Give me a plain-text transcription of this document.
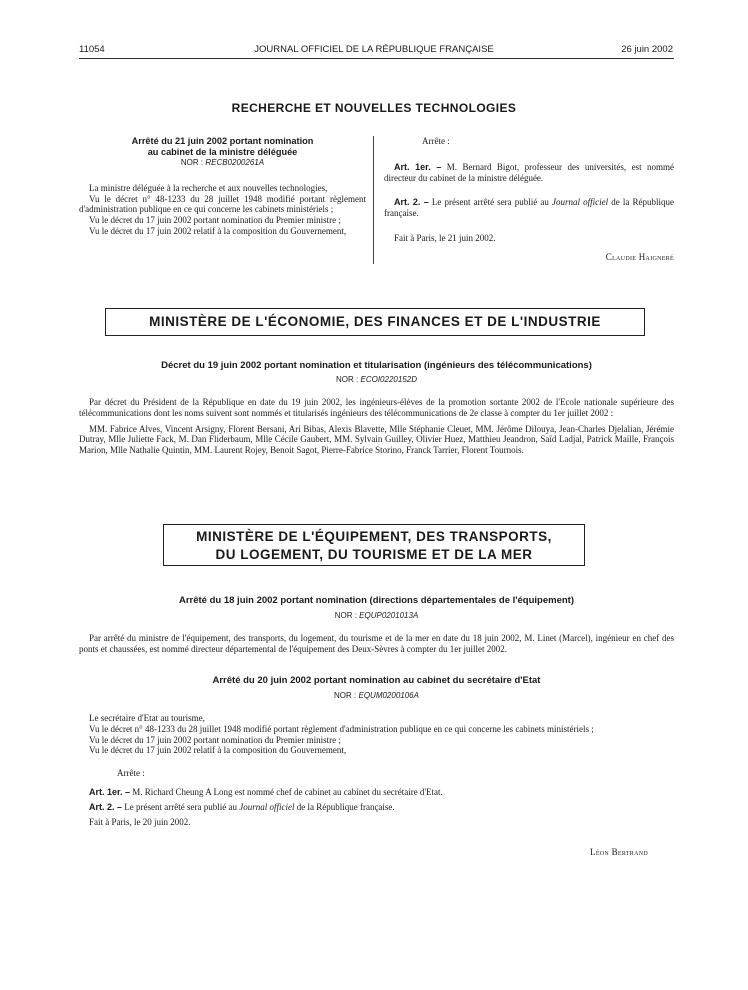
11054	JOURNAL OFFICIEL DE LA RÉPUBLIQUE FRANÇAISE	26 juin 2002
RECHERCHE ET NOUVELLES TECHNOLOGIES
Arrêté du 21 juin 2002 portant nomination
au cabinet de la ministre déléguée
NOR : RECB0200261A

La ministre déléguée à la recherche et aux nouvelles technologies,

Vu le décret n° 48-1233 du 28 juillet 1948 modifié portant règlement d'administration publique en ce qui concerne les cabinets ministériels ;

Vu le décret du 17 juin 2002 portant nomination du Premier ministre ;

Vu le décret du 17 juin 2002 relatif à la composition du Gouvernement,

Arrête :

Art. 1er. – M. Bernard Bigot, professeur des universités, est nommé directeur du cabinet de la ministre déléguée.

Art. 2. – Le présent arrêté sera publié au Journal officiel de la République française.

Fait à Paris, le 21 juin 2002.

Claudie Haigneré

MINISTÈRE DE L'ÉCONOMIE, DES FINANCES ET DE L'INDUSTRIE
Décret du 19 juin 2002 portant nomination et titularisation (ingénieurs des télécommunications)
NOR : ECOI0220152D

Par décret du Président de la République en date du 19 juin 2002, les ingénieurs-élèves de la promotion sortante 2002 de l'Ecole nationale supérieure des télécommunications dont les noms suivent sont nommés et titularisés ingénieurs des télécommunications de 2e classe à compter du 1er juillet 2002 :

MM. Fabrice Alves, Vincent Arsigny, Florent Bersani, Ari Bibas, Alexis Blavette, Mlle Stéphanie Cleuet, MM. Jérôme Dilouya, Jean-Charles Djelalian, Jérémie Dutray, Mlle Juliette Fack, M. Dan Fliderbaum, Mlle Cécile Gaubert, MM. Sylvain Guilley, Olivier Huez, Matthieu Jeandron, Saïd Ladjal, Patrick Maille, François Marion, Mlle Nathalie Quintin, MM. Laurent Rojey, Benoit Sagot, Pierre-Fabrice Storino, Franck Tarrier, Florent Tournois.

MINISTÈRE DE L'ÉQUIPEMENT, DES TRANSPORTS,
DU LOGEMENT, DU TOURISME ET DE LA MER
Arrêté du 18 juin 2002 portant nomination (directions départementales de l'équipement)
NOR : EQUP0201013A

Par arrêté du ministre de l'équipement, des transports, du logement, du tourisme et de la mer en date du 18 juin 2002, M. Linet (Marcel), ingénieur en chef des ponts et chaussées, est nommé directeur départemental de l'équipement des Deux-Sèvres à compter du 1er juillet 2002.

Arrêté du 20 juin 2002 portant nomination au cabinet du secrétaire d'Etat
NOR : EQUM0200106A

Le secrétaire d'Etat au tourisme,

Vu le décret n° 48-1233 du 28 juillet 1948 modifié portant règlement d'administration publique en ce qui concerne les cabinets ministériels ;

Vu le décret du 17 juin 2002 portant nomination du Premier ministre ;

Vu le décret du 17 juin 2002 relatif à la composition du Gouvernement,

Arrête :

Art. 1er. – M. Richard Cheung A Long est nommé chef de cabinet au cabinet du secrétaire d'Etat.

Art. 2. – Le présent arrêté sera publié au Journal officiel de la République française.

Fait à Paris, le 20 juin 2002.

Léon Bertrand
